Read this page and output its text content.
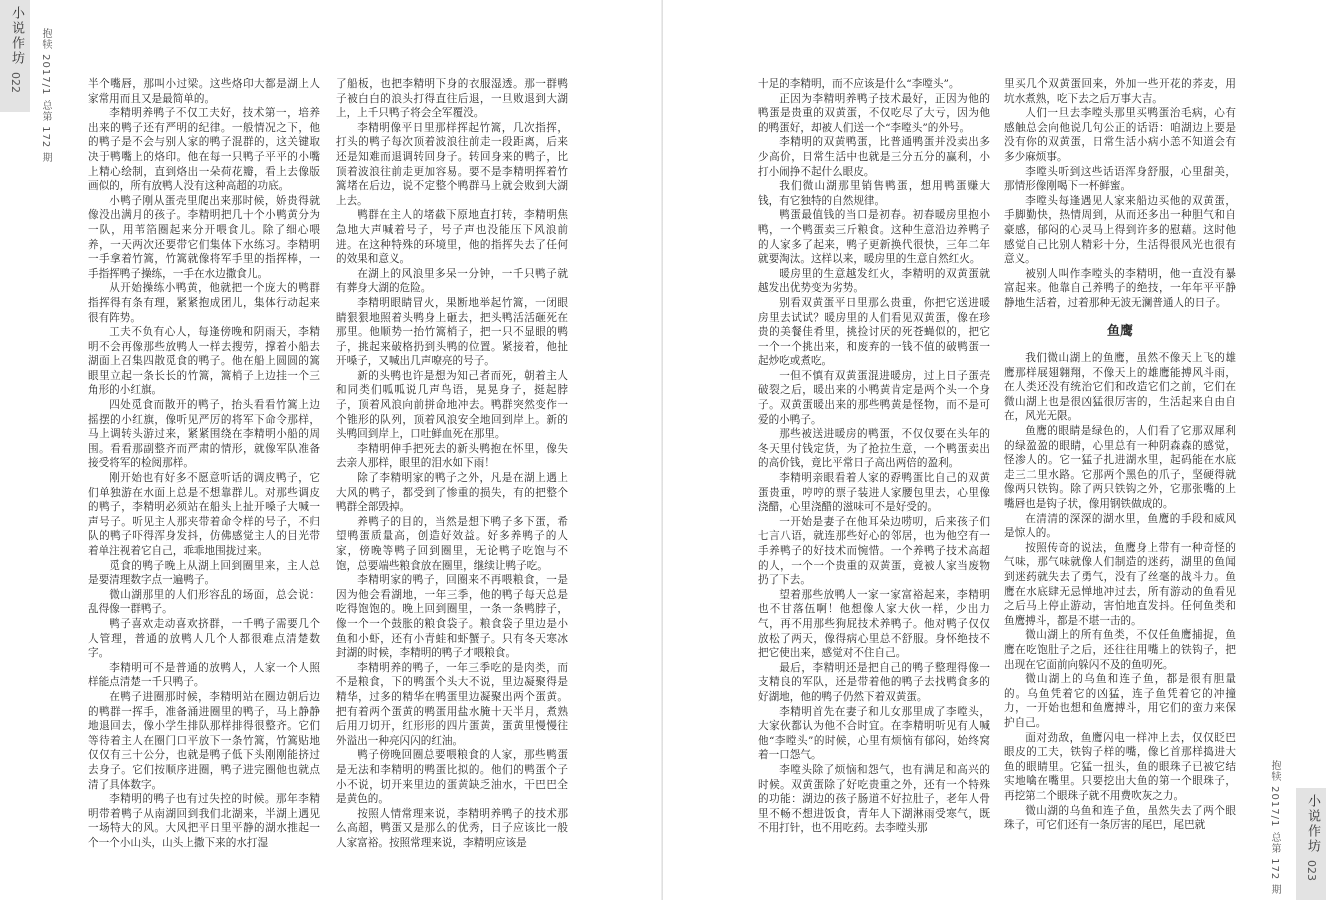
小说作坊
022 抱犊 2017/1
总第 172 期

半个嘴唇，那叫小过梁。这些烙印大都是湖上人家常用而且又是最简单的。

李精明养鸭子不仅工夫好，技术第一，培养出来的鸭子还有严明的纪律。一般情况之下，他的鸭子是不会与别人家的鸭子混群的，这关键取决于鸭嘴上的烙印。他在每一只鸭子平平的小嘴上精心绘制，直到烙出一朵荷花瓣，看上去像版画似的，所有放鸭人没有这种高超的功底。

小鸭子刚从蛋壳里爬出来那时候，娇贵得就像没出满月的孩子。李精明把几十个小鸭黄分为一队，用苇箔圈起来分开喂食儿。除了细心喂养，一天两次还要带它们集体下水练习。李精明一手拿着竹篙，竹篙就像将军手里的指挥棒，一手指挥鸭子操练，一手在水边撒食儿。

从开始操练小鸭黄，他就把一个庞大的鸭群指挥得有条有理，紧紧抱成团儿，集体行动起来很有阵势。

工夫不负有心人，每逢傍晚和阴雨天，李精明不会再像那些放鸭人一样去搜劳，撑着小船去湖面上召集四散觅食的鸭子。他在船上圆圆的篙眼里立起一条长长的竹篙，篙梢子上边挂一个三角形的小红旗。

四处觅食而散开的鸭子，抬头看看竹篙上边摇摆的小红旗，像听见严厉的将军下命令那样，马上调转头游过来，紧紧围绕在李精明小船的周围。看看那副整齐而严肃的情形，就像军队准备接受将军的检阅那样。

刚开始也有好多不愿意听话的调皮鸭子，它们单独游在水面上总是不想靠群儿。对那些调皮的鸭子，李精明必须站在船头上扯开嗓子大喊一声号子。听见主人那夹带着命令样的号子，不归队的鸭子吓得浑身发抖，仿佛感觉主人的目光带着单注视着它自己，乖乖地围拢过来。

觅食的鸭子晚上从湖上回到圈里来，主人总是要清理数字点一遍鸭子。

微山湖那里的人们形容乱的场面，总会说：乱得像一群鸭子。

鸭子喜欢走动喜欢挤群，一千鸭子需要几个人管理，普通的放鸭人几个人都很难点清楚数字。

李精明可不是普通的放鸭人，人家一个人照样能点清楚一千只鸭子。

在鸭子进圈那时候，李精明站在圈边朝后边的鸭群一挥手，准备涌进圈里的鸭子，马上静静地退回去，像小学生排队那样排得很整齐。它们等待着主人在圈门口平放下一条竹篙，竹篙贴地仅仅有三十公分，也就是鸭子低下头刚刚能挤过去身子。它们按顺序进圈，鸭子进完圈他也就点清了具体数字。

李精明的鸭子也有过失控的时候。那年李精明带着鸭子从南湖回到我们北湖来，半湖上遇见一场特大的风。大风把平日里平静的湖水推起一个一个小山头，山头上撒下来的水打湿

了船板，也把李精明下身的衣服湿透。那一群鸭子被白白的浪头打得直往后退，一旦败退到大湖上，上千只鸭子将会全军覆没。

李精明像平日里那样挥起竹篙，几次指挥，打头的鸭子每次顶着波浪往前走一段距离，后来还是知难而退调转回身子。转回身来的鸭子，比顶着波浪往前走更加容易。要不是李精明挥着竹篙堵在后边，说不定整个鸭群马上就会败到大湖上去。

鸭群在主人的堵截下原地直打转，李精明焦急地大声喊着号子，号子声也没能压下风浪前进。在这种特殊的环境里，他的指挥失去了任何的效果和意义。

在湖上的风浪里多呆一分钟，一千只鸭子就有葬身大湖的危险。

李精明眼睛冒火，果断地举起竹篙，一闭眼睛狠狠地照着头鸭身上砸去，把头鸭活活砸死在那里。他顺势一抬竹篙梢子，把一只不显眼的鸭子，挑起来破格扔到头鸭的位置。紧接着，他扯开嗓子，又喊出几声嘹亮的号子。

新的头鸭也许是想为知己者而死，朝着主人和同类们呱呱说几声鸟语，晃晃身子，挺起脖子，顶着风浪向前拼命地冲去。鸭群突然变作一个锥形的队列，顶着风浪安全地回到岸上。新的头鸭回到岸上，口吐鲜血死在那里。

李精明伸手把死去的新头鸭抱在怀里，像失去亲人那样，眼里的泪水如下雨！

除了李精明家的鸭子之外，凡是在湖上遇上大风的鸭子，都受到了惨重的损失，有的把整个鸭群全部毁掉。

养鸭子的目的，当然是想下鸭子多下蛋，希望鸭蛋质量高，创造好效益。好多养鸭子的人家，傍晚等鸭子回到圈里，无论鸭子吃饱与不饱，总要端些粮食放在圈里，继续让鸭子吃。

李精明家的鸭子，回圈来不再喂粮食，一是因为他会看湖地，一年三季，他的鸭子每天总是吃得饱饱的。晚上回到圈里，一条一条鸭脖子，像一个一个鼓胀的粮食袋子。粮食袋子里边是小鱼和小虾，还有小青蛙和虾蟹子。只有冬天寒冰封湖的时候，李精明的鸭子才喂粮食。

李精明养的鸭子，一年三季吃的是肉类，而不是粮食，下的鸭蛋个头大不说，里边凝聚得是精华，过多的精华在鸭蛋里边凝聚出两个蛋黄。把有着两个蛋黄的鸭蛋用盐水腌十天半月，煮熟后用刀切开，红形形的四片蛋黄，蛋黄里慢慢往外溢出一种亮闪闪的红油。

鸭子傍晚回圈总要喂粮食的人家，那些鸭蛋是无法和李精明的鸭蛋比拟的。他们的鸭蛋个子小不说，切开来里边的蛋黄缺乏油水，干巴巴全是黄色的。

按照人情常理来说，李精明养鸭子的技术那么高超，鸭蛋又是那么的优秀，日子应该比一般人家富裕。按照常理来说，李精明应该是

十足的李精明，而不应该是什么“李嘡头”。

正因为李精明养鸭子技术最好，正因为他的鸭蛋是贵重的双黄蛋，不仅吃尽了大亏，因为他的鸭蛋好，却被人们送一个“李嘡头”的外号。

李精明的双黄鸭蛋，比普通鸭蛋并没卖出多少高价，日常生活中也就是三分五分的赢利，小打小闹挣不起什么眼皮。

我们微山湖那里销售鸭蛋，想用鸭蛋赚大钱，有它独特的自然规律。

鸭蛋最值钱的当口是初春。初春暖房里抱小鸭，一个鸭蛋卖三斤粮食。这种生意沿边养鸭子的人家多了起来，鸭子更新换代很快，三年二年就要淘汰。这样以来，暖房里的生意自然红火。

暖房里的生意越发红火，李精明的双黄蛋就越发出优势变为劣势。

别看双黄蛋平日里那么贵重，你把它送进暖房里去试试？暖房里的人们看见双黄蛋，像在珍贵的美餐佳肴里，挑捡讨厌的死苍蝇似的，把它一个一个挑出来，和废弃的一钱不值的破鸭蛋一起炒吃或煮吃。

一但不慎有双黄蛋混进暖房，过上日子蛋壳破裂之后，暖出来的小鸭黄肯定是两个头一个身子。双黄蛋暖出来的那些鸭黄是怪物，而不是可爱的小鸭子。

那些被送进暖房的鸭蛋，不仅仅要在头年的冬天里付钱定货，为了抢拉生意，一个鸭蛋卖出的高价钱，竟比平常日子高出两倍的盈利。

李精明亲眼看着人家的孬鸭蛋比自己的双黄蛋贵重，哼哼的票子装进人家腰包里去，心里像浇醋，心里浇醋的滋味可不是好受的。

一开始是妻子在他耳朵边唠叨，后来孩子们七言八语，就连那些好心的邻居，也为他空有一手养鸭子的好技术而惋惜。一个养鸭子技术高超的人，一个一个贵重的双黄蛋，竟被人家当废物扔了下去。

望着那些放鸭人一家一家富裕起来，李精明也不甘落伍啊！他想像人家大伙一样，少出力气，再不用那些狗屁技术养鸭子。他对鸭子仅仅放松了两天，像得病心里总不舒服。身怀绝技不把它使出来，感觉对不住自己。

最后，李精明还是把自己的鸭子整理得像一支精良的军队，还是带着他的鸭子去找鸭食多的好湖地，他的鸭子仍然下着双黄蛋。

李精明首先在妻子和儿女那里成了李嘡头，大家伙都认为他不合时宜。在李精明听见有人喊他“李嘡头”的时候，心里有烦恼有郁闷，始终窝着一口怨气。

李嘡头除了烦恼和怨气，也有满足和高兴的时候。双黄蛋除了好吃贵重之外，还有一个特殊的功能：湖边的孩子肠道不好拉肚子，老年人骨里不畅不想进饭食，青年人下湖淋雨受寒气，既不用打针，也不用吃药。去李嘡头那

里买几个双黄蛋回来，外加一些开花的荞麦，用坑水煮熟，吃下去之后万事大吉。

人们一旦去李嘡头那里买鸭蛋治毛病，心有感触总会向他说几句公正的话语：咱湖边上要是没有你的双黄蛋，日常生活小病小恙不知道会有多少麻烦事。

李嘡头听到这些话语浑身舒服，心里甜美，那情形像刚喝下一杯鲜蜜。

李嘡头每逢遇见人家来船边买他的双黄蛋，手脚勤快，热情周到，从而还多出一种胆气和自豪感，郁闷的心灵马上得到许多的慰藉。这时他感觉自己比别人精彩十分，生活得很风光也很有意义。

被别人叫作李嘡头的李精明，他一直没有暴富起来。他靠自己养鸭子的绝技，一年年平平静静地生活着，过着那种无波无澜普通人的日子。

鱼鹰

我们微山湖上的鱼鹰，虽然不像天上飞的雄鹰那样展翅翱翔，不像天上的雄鹰能搏风斗雨，在人类还没有统治它们和改造它们之前，它们在微山湖上也是很凶猛很厉害的，生活起来自由自在，风光无限。

鱼鹰的眼睛是绿色的，人们看了它那双犀利的绿盈盈的眼睛，心里总有一种阴森森的感觉，怪渗人的。它一猛子扎进湖水里，起码能在水底走三二里水路。它那两个黑色的爪子，坚硬得就像两只铁钩。除了两只铁钩之外，它那张嘴的上嘴唇也是钩子状，像用钢铁做成的。

在清清的深深的湖水里，鱼鹰的手段和威风是惊人的。

按照传奇的说法，鱼鹰身上带有一种奇怪的气味，那气味就像人们制造的迷药，湖里的鱼闻到迷药就失去了勇气，没有了丝毫的战斗力。鱼鹰在水底肆无忌惮地冲过去，所有游动的鱼看见之后马上停止游动，害怕地直发抖。任何鱼类和鱼鹰搏斗，都是不堪一击的。

微山湖上的所有鱼类，不仅任鱼鹰捕捉，鱼鹰在吃饱肚子之后，还往往用嘴上的铁钩子，把出现在它面前向躲闪不及的鱼叨死。

微山湖上的乌鱼和连子鱼，都是很有胆量的。乌鱼凭着它的凶猛，连子鱼凭着它的冲撞力，一开始也想和鱼鹰搏斗，用它们的蛮力来保护自己。

面对劲敌，鱼鹰闪电一样冲上去，仅仅眨巴眼皮的工夫，铁钩子样的嘴，像匕首那样捣进大鱼的眼睛里。它猛一扭头，鱼的眼珠子已被它结实地噙在嘴里。只要挖出大鱼的第一个眼珠子，再挖第二个眼珠子就不用费吹灰之力。

微山湖的乌鱼和连子鱼，虽然失去了两个眼珠子，可它们还有一条厉害的尾巴，尾巴就	抱犊 2017/1
总第 172 期
小说作坊
023
